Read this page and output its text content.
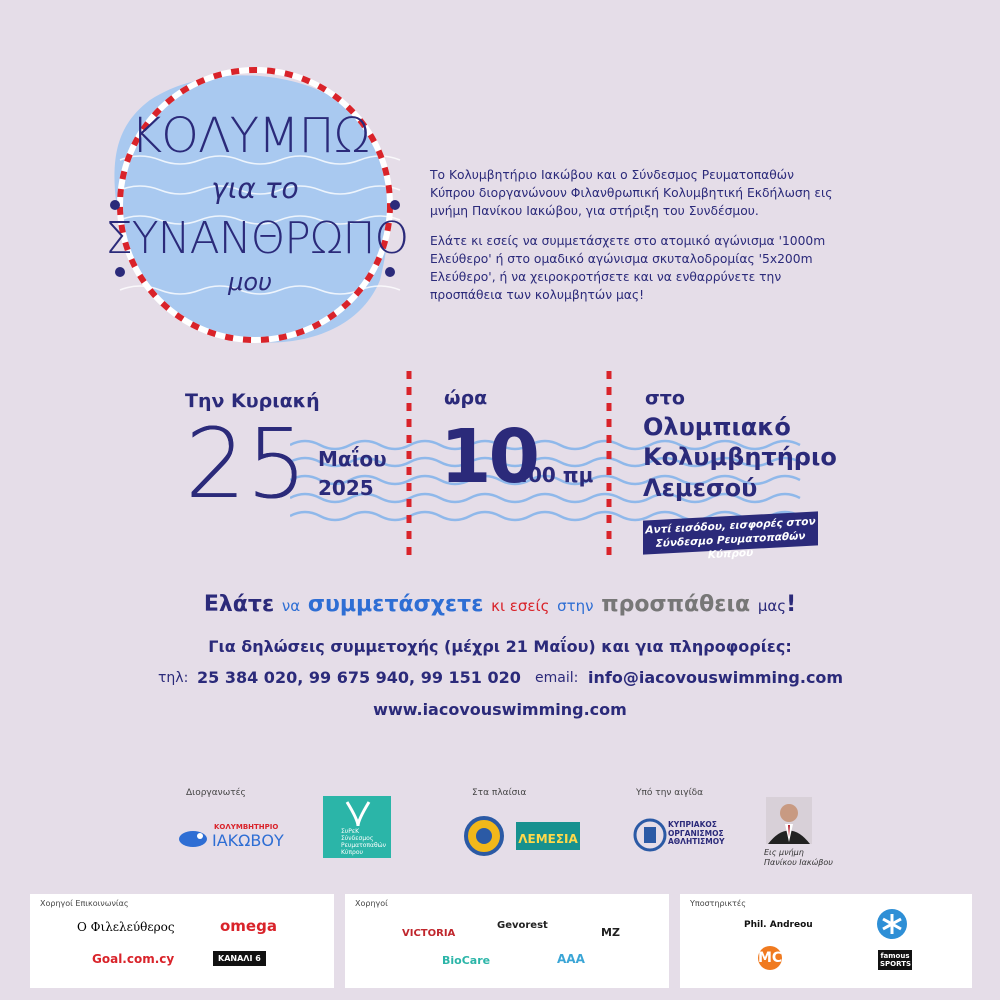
ΚΟΛΥΜΠΩ
για το
ΣΥΝΑΝΘΡΩΠΟ
μου
Το Κολυμβητήριο Ιακώβου και ο Σύνδεσμος Ρευματοπαθών Κύπρου διοργανώνουν Φιλανθρωπική Κολυμβητική Εκδήλωση εις μνήμη Πανίκου Ιακώβου, για στήριξη του Συνδέσμου.
Ελάτε κι εσείς να συμμετάσχετε στο ατομικό αγώνισμα '1000m Ελεύθερο' ή στο ομαδικό αγώνισμα σκυταλοδρομίας '5x200m Ελεύθερο', ή να χειροκροτήσετε και να ενθαρρύνετε την προσπάθεια των κολυμβητών μας!
Την Κυριακή
25 Μαΐου
2025
ώρα
10
:00 πμ
στο
Ολυμπιακό
Κολυμβητήριο
Λεμεσού
Αντί εισόδου, εισφορές στον Σύνδεσμο Ρευματοπαθών Κύπρου
Ελάτε να συμμετάσχετε κι εσείς στην προσπάθεια μας!
Για δηλώσεις συμμετοχής (μέχρι 21 Μαΐου) και για πληροφορίες:
τηλ: 25 384 020, 99 675 940, 99 151 020 email: info@iacovouswimming.com
www.iacovouswimming.com
Διοργανωτές	Στα πλαίσια	Υπό την αιγίδα
ΚΟΛΥΜΒΗΤΗΡΙΟ
ΙΑΚΩΒΟΥ	ΣυΡεΚ Σύνδεσμος Ρευματοπαθών Κύπρου
ΛΕΜΕΣΙΑ
ΚΥΠΡΙΑΚΟΣ ΟΡΓΑΝΙΣΜΟΣ ΑΘΛΗΤΙΣΜΟΥ
Εις μνήμη
Πανίκου Ιακώβου
Χορηγοί Επικοινωνίας
Ο Φιλελεύθερος	omega
Goal.com.cy	ΚΑΝΑΛΙ 6
Χορηγοί
VICTORIA
Gevorest
MZ
BioCare	AAA
Υποστηρικτές
Phil. Andreou
MC	famous SPORTS
